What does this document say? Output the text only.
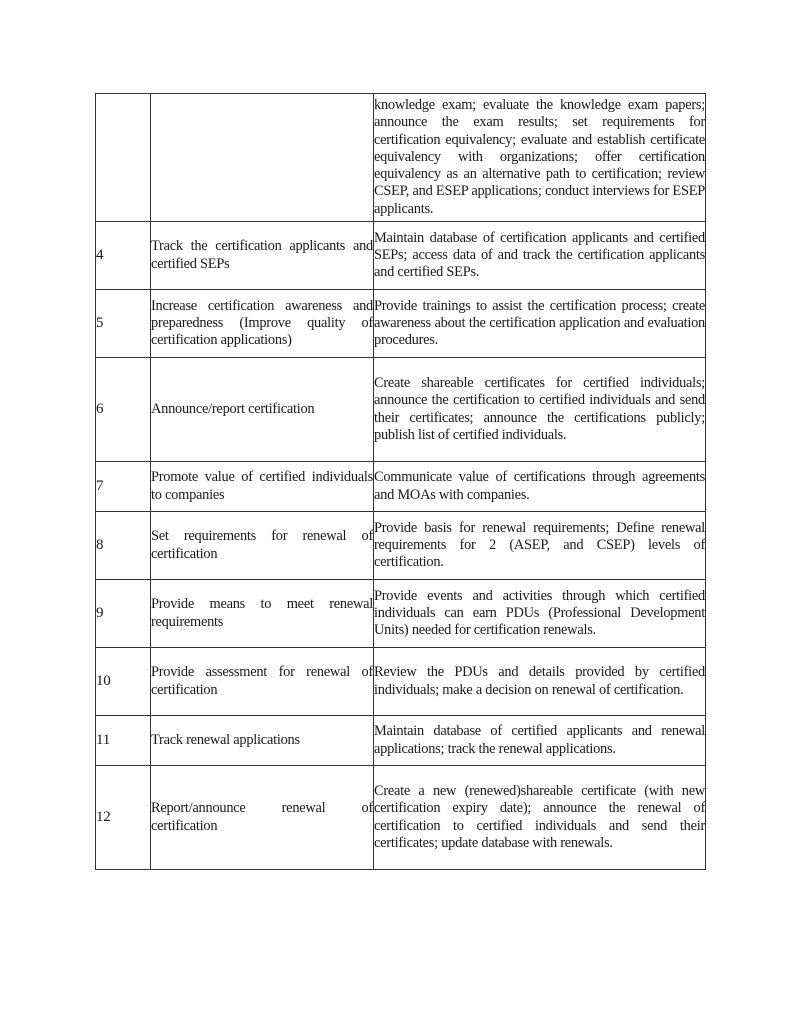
		knowledge exam; evaluate the knowledge exam papers; announce the exam results; set requirements for certification equivalency; evaluate and establish certificate equivalency with organizations; offer certification equivalency as an alternative path to certification; review CSEP, and ESEP applications; conduct interviews for ESEP applicants.

4	Track the certification applicants and certified SEPs	Maintain database of certification applicants and certified SEPs; access data of and track the certification applicants and certified SEPs.

5	Increase certification awareness and preparedness (Improve quality of certification applications)	Provide trainings to assist the certification process; create awareness about the certification application and evaluation procedures.

6	Announce/report certification	Create shareable certificates for certified individuals; announce the certification to certified individuals and send their certificates; announce the certifications publicly; publish list of certified individuals.

7	Promote value of certified individuals to companies	Communicate value of certifications through agreements and MOAs with companies.

8	Set requirements for renewal of certification	Provide basis for renewal requirements; Define renewal requirements for 2 (ASEP, and CSEP) levels of certification.

9	Provide means to meet renewal requirements	Provide events and activities through which certified individuals can earn PDUs (Professional Development Units) needed for certification renewals.

10	Provide assessment for renewal of certification	Review the PDUs and details provided by certified individuals; make a decision on renewal of certification.

11	Track renewal applications	Maintain database of certified applicants and renewal applications; track the renewal applications.

12	Report/announce renewal of certification	Create a new (renewed)shareable certificate (with new certification expiry date); announce the renewal of certification to certified individuals and send their certificates; update database with renewals.
